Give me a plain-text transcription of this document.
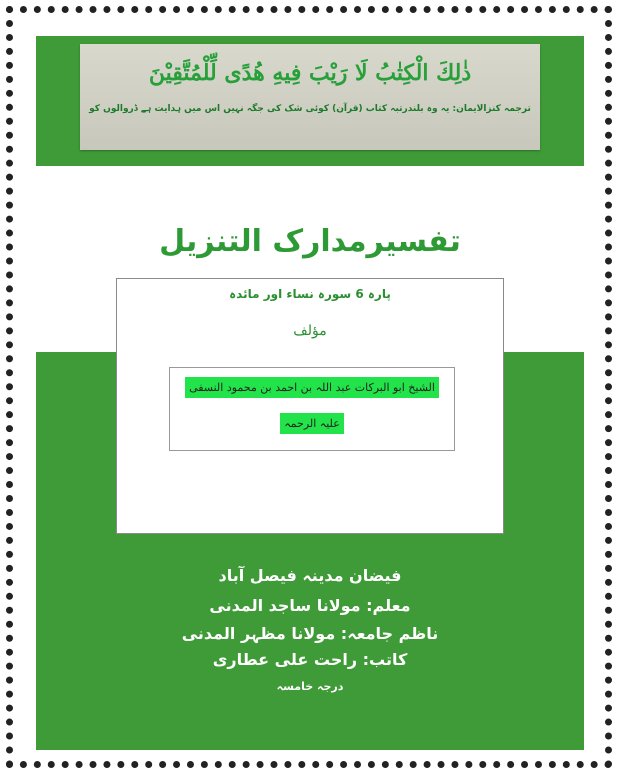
ذٰلِكَ الْكِتٰبُ لَا رَيْبَ فِيهِ هُدًى لِّلْمُتَّقِيْنَ
ترجمہ کنزالایمان: یہ وہ بلندرتبہ کتاب (قرآن) کوئی شک کی جگہ نہیں اس میں ہدایت ہے ڈروالوں کو
تفسیرمدارک التنزیل
پارہ 6 سورہ نساء اور مائدہ
مؤلف
الشیخ ابو البرکات عبد اللہ بن احمد بن محمود النسفی
علیہ الرحمہ
فیضان مدینہ فیصل آباد
معلم: مولانا ساجد المدنی
ناظم جامعہ: مولانا مظہر المدنی
کاتب: راحت علی عطاری
درجہ خامسہ
